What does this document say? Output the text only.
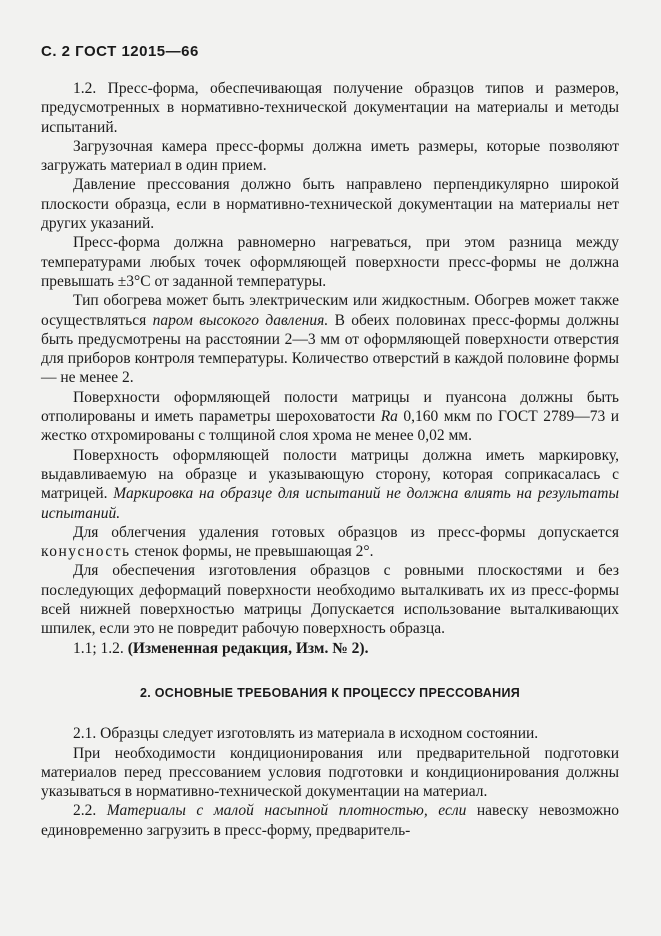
С. 2 ГОСТ 12015—66

1.2. Пресс-форма, обеспечивающая получение образцов типов и размеров, предусмотренных в нормативно-технической документации на материалы и методы испытаний.

Загрузочная камера пресс-формы должна иметь размеры, которые позволяют загружать материал в один прием.

Давление прессования должно быть направлено перпендикулярно широкой плоскости образца, если в нормативно-технической документации на материалы нет других указаний.

Пресс-форма должна равномерно нагреваться, при этом разница между температурами любых точек оформляющей поверхности пресс-формы не должна превышать ±3°С от заданной температуры.

Тип обогрева может быть электрическим или жидкостным. Обогрев может также осуществляться паром высокого давления. В обеих половинах пресс-формы должны быть предусмотрены на расстоянии 2—3 мм от оформляющей поверхности отверстия для приборов контроля температуры. Количество отверстий в каждой половине формы — не менее 2.

Поверхности оформляющей полости матрицы и пуансона должны быть отполированы и иметь параметры шероховатости Ra 0,160 мкм по ГОСТ 2789—73 и жестко отхромированы с толщиной слоя хрома не менее 0,02 мм.

Поверхность оформляющей полости матрицы должна иметь маркировку, выдавливаемую на образце и указывающую сторону, которая соприкасалась с матрицей. Маркировка на образце для испытаний не должна влиять на результаты испытаний.

Для облегчения удаления готовых образцов из пресс-формы допускается конусность стенок формы, не превышающая 2°.

Для обеспечения изготовления образцов с ровными плоскостями и без последующих деформаций поверхности необходимо выталкивать их из пресс-формы всей нижней поверхностью матрицы Допускается использование выталкивающих шпилек, если это не повредит рабочую поверхность образца.

1.1; 1.2. (Измененная редакция, Изм. № 2).

2. ОСНОВНЫЕ ТРЕБОВАНИЯ К ПРОЦЕССУ ПРЕССОВАНИЯ

2.1. Образцы следует изготовлять из материала в исходном состоянии.

При необходимости кондиционирования или предварительной подготовки материалов перед прессованием условия подготовки и кондиционирования должны указываться в нормативно-технической документации на материал.

2.2. Материалы с малой насыпной плотностью, если навеску невозможно единовременно загрузить в пресс-форму, предваритель-
